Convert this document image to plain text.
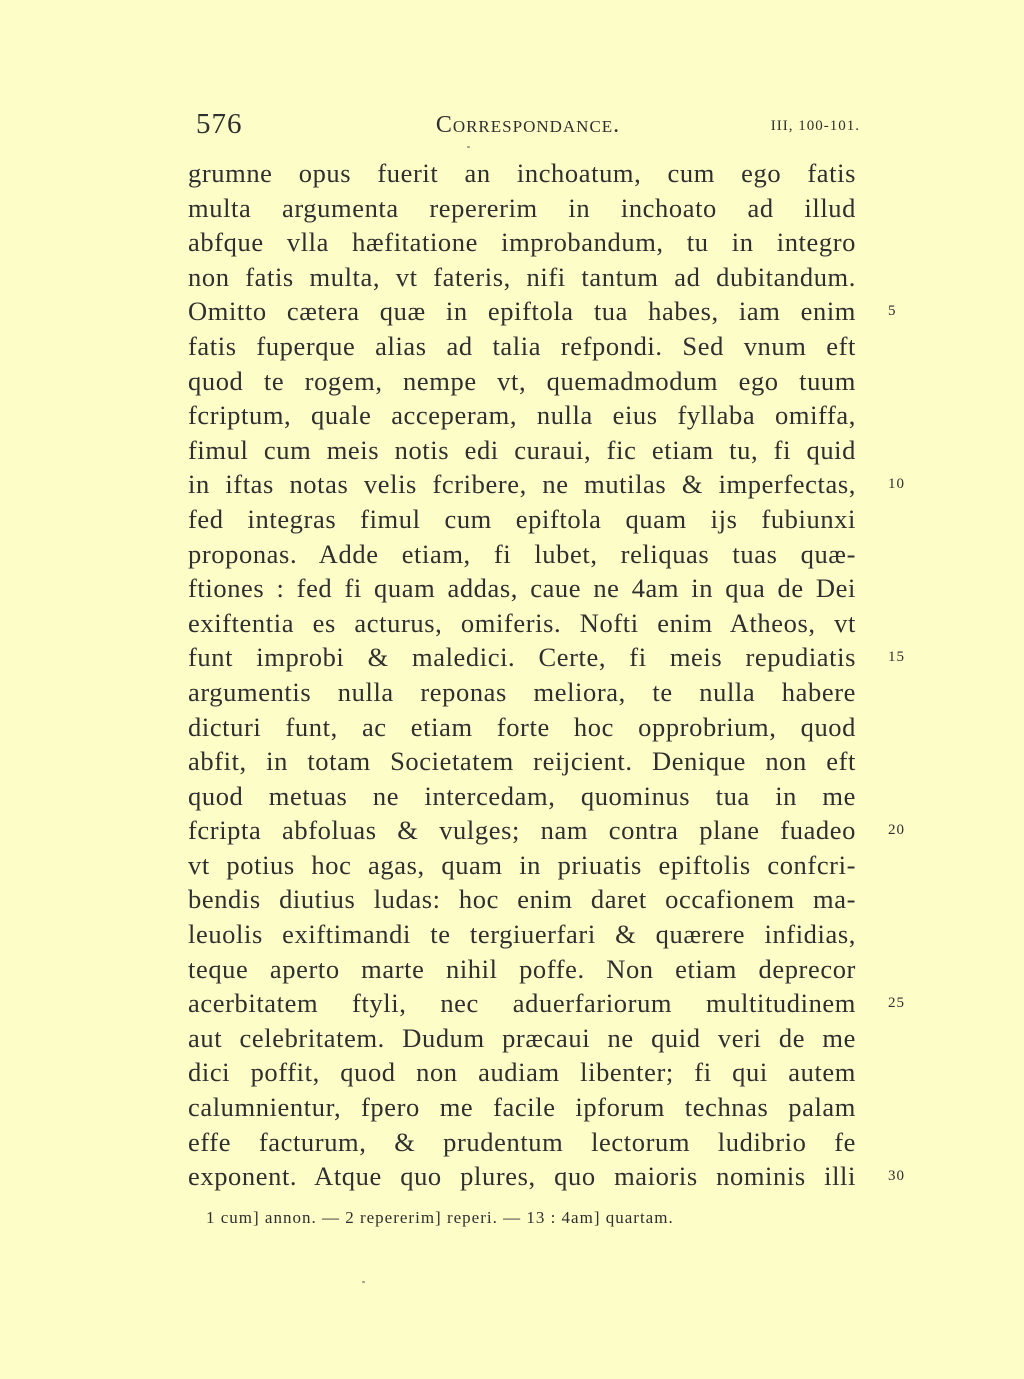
576	Correspondance.	III, 100-101.
grumne opus fuerit an inchoatum, cum ego fatis
multa argumenta repererim in inchoato ad illud
abfque vlla hæfitatione improbandum, tu in integro
non fatis multa, vt fateris, nifi tantum ad dubitandum.
Omitto cætera quæ in epiftola tua habes, iam enim 5
fatis fuperque alias ad talia refpondi. Sed vnum eft
quod te rogem, nempe vt, quemadmodum ego tuum
fcriptum, quale acceperam, nulla eius fyllaba omiffa,
fimul cum meis notis edi curaui, fic etiam tu, fi quid
in iftas notas velis fcribere, ne mutilas & imperfectas, 10
fed integras fimul cum epiftola quam ijs fubiunxi
proponas. Adde etiam, fi lubet, reliquas tuas quæ-
ftiones : fed fi quam addas, caue ne 4am in qua de Dei
exiftentia es acturus, omiferis. Nofti enim Atheos, vt
funt improbi & maledici. Certe, fi meis repudiatis 15
argumentis nulla reponas meliora, te nulla habere
dicturi funt, ac etiam forte hoc opprobrium, quod
abfit, in totam Societatem reijcient. Denique non eft
quod metuas ne intercedam, quominus tua in me
fcripta abfoluas & vulges; nam contra plane fuadeo 20
vt potius hoc agas, quam in priuatis epiftolis confcri-
bendis diutius ludas: hoc enim daret occafionem ma-
leuolis exiftimandi te tergiuerfari & quærere infidias,
teque aperto marte nihil poffe. Non etiam deprecor
acerbitatem ftyli, nec aduerfariorum multitudinem 25
aut celebritatem. Dudum præcaui ne quid veri de me
dici poffit, quod non audiam libenter; fi qui autem
calumnientur, fpero me facile ipforum technas palam
effe facturum, & prudentum lectorum ludibrio fe
exponent. Atque quo plures, quo maioris nominis illi 30
1 cum] annon. — 2 repererim] reperi. — 13 : 4am] quartam.
